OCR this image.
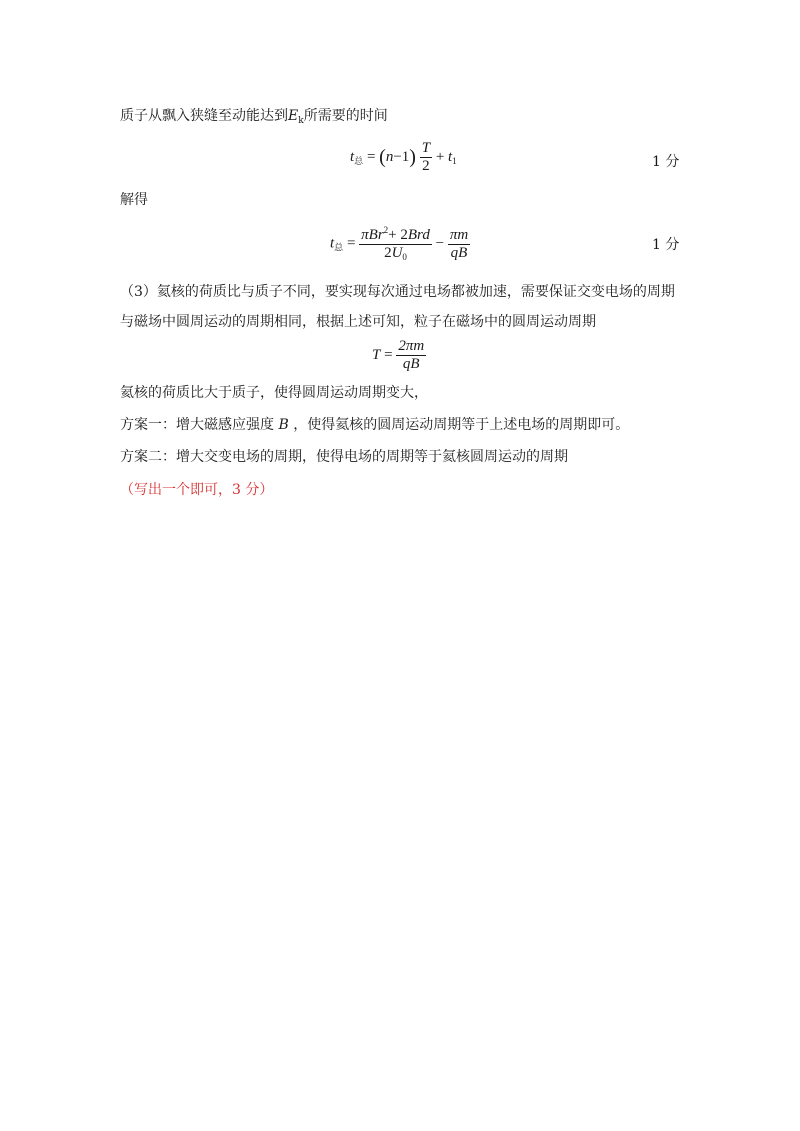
质子从飘入狭缝至动能达到$E_k$所需要的时间
$t_总 = (n-1) \frac{T}{2} + t_1$	1 分
解得
$t_总 = \frac{\pi Br^2+ 2Brd}{2U_0} - \frac{\pi m}{qB}$	1 分
（3）氦核的荷质比与质子不同，要实现每次通过电场都被加速，需要保证交变电场的周期
与磁场中圆周运动的周期相同，根据上述可知，粒子在磁场中的圆周运动周期
$T = \frac{2\pi m}{qB}$
氦核的荷质比大于质子，使得圆周运动周期变大，
方案一：增大磁感应强度 B ，使得氦核的圆周运动周期等于上述电场的周期即可。
方案二：增大交变电场的周期，使得电场的周期等于氦核圆周运动的周期
（写出一个即可，3 分）
